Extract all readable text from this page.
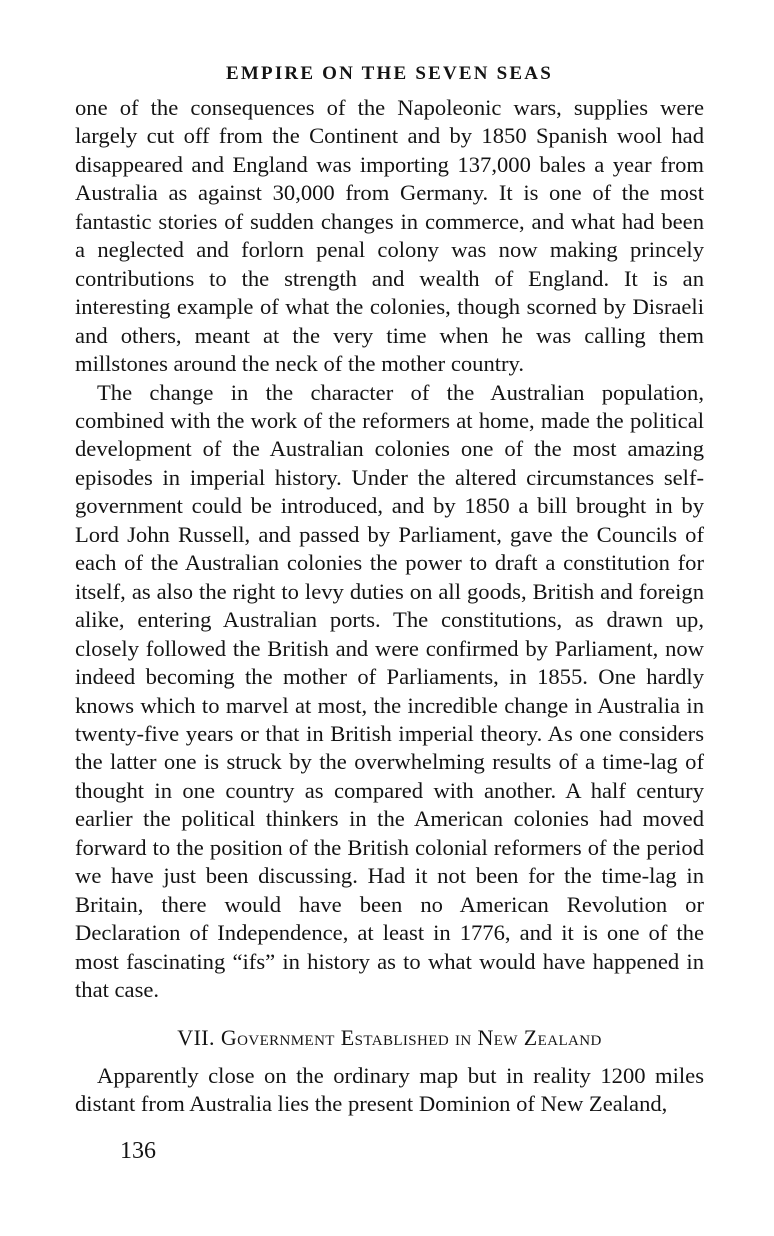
EMPIRE ON THE SEVEN SEAS

one of the consequences of the Napoleonic wars, supplies were largely cut off from the Continent and by 1850 Spanish wool had disappeared and England was importing 137,000 bales a year from Australia as against 30,000 from Germany. It is one of the most fantastic stories of sudden changes in commerce, and what had been a neglected and forlorn penal colony was now making princely contributions to the strength and wealth of England. It is an interesting example of what the colonies, though scorned by Disraeli and others, meant at the very time when he was calling them millstones around the neck of the mother country.

The change in the character of the Australian population, combined with the work of the reformers at home, made the political development of the Australian colonies one of the most amazing episodes in imperial history. Under the altered circumstances self-government could be introduced, and by 1850 a bill brought in by Lord John Russell, and passed by Parliament, gave the Councils of each of the Australian colonies the power to draft a constitution for itself, as also the right to levy duties on all goods, British and foreign alike, entering Australian ports. The constitutions, as drawn up, closely followed the British and were confirmed by Parliament, now indeed becoming the mother of Parliaments, in 1855. One hardly knows which to marvel at most, the incredible change in Australia in twenty-five years or that in British imperial theory. As one considers the latter one is struck by the overwhelming results of a time-lag of thought in one country as compared with another. A half century earlier the political thinkers in the American colonies had moved forward to the position of the British colonial reformers of the period we have just been discussing. Had it not been for the time-lag in Britain, there would have been no American Revolution or Declaration of Independence, at least in 1776, and it is one of the most fascinating “ifs” in history as to what would have happened in that case.

VII. Government Established in New Zealand

Apparently close on the ordinary map but in reality 1200 miles distant from Australia lies the present Dominion of New Zealand,

136
